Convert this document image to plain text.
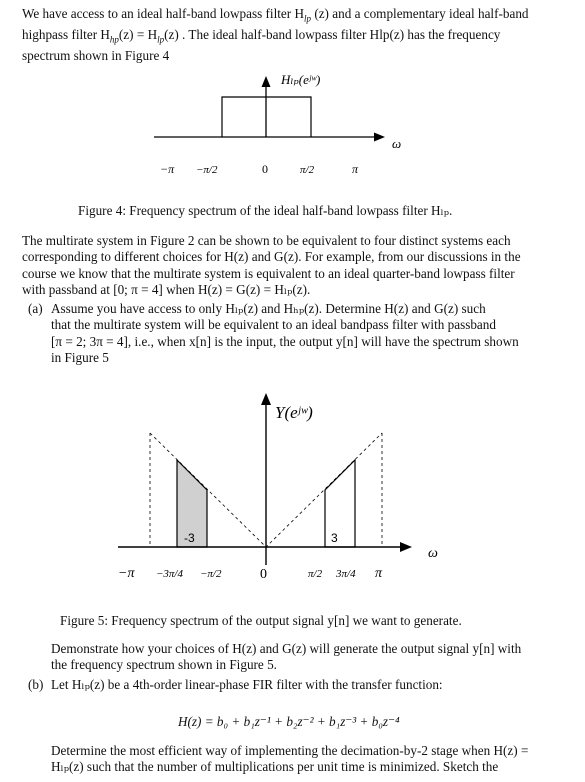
We have access to an ideal half-band lowpass filter $H_{lp}$ (z) and a complementary ideal half-band
highpass filter $H_{hp}(z) = H_{lp}(z)$ . The ideal half-band lowpass filter Hlp(z) has the frequency
spectrum shown in Figure 4
Hₗₚ(eʲʷ)
ω
−π −π/2	0	π/2	π
Figure 4: Frequency spectrum of the ideal half-band lowpass filter Hₗₚ.
The multirate system in Figure 2 can be shown to be equivalent to four distinct systems each
corresponding to different choices for H(z) and G(z). For example, from our discussions in the
course we know that the multirate system is equivalent to an ideal quarter-band lowpass filter
with passband at [0; π = 4] when H(z) = G(z) = Hₗₚ(z).
(a) Assume you have access to only Hₗₚ(z) and Hₕₚ(z). Determine H(z) and G(z) such
that the multirate system will be equivalent to an ideal bandpass filter with passband
[π = 2; 3π = 4], i.e., when x[n] is the input, the output y[n] will have the spectrum shown
in Figure 5
ω
Y(eʲʷ)
-3	3
−π −3π/4 −π/2	0	π/2 3π/4 π
Figure 5: Frequency spectrum of the output signal y[n] we want to generate.
Demonstrate how your choices of H(z) and G(z) will generate the output signal y[n] with
the frequency spectrum shown in Figure 5.
(b) Let Hₗₚ(z) be a 4th-order linear-phase FIR filter with the transfer function:
H(z) = b₀ + b₁z⁻¹ + b₂z⁻² + b₁z⁻³ + b₀z⁻⁴
Determine the most efficient way of implementing the decimation-by-2 stage when H(z) =
Hₗₚ(z) such that the number of multiplications per unit time is minimized. Sketch the
